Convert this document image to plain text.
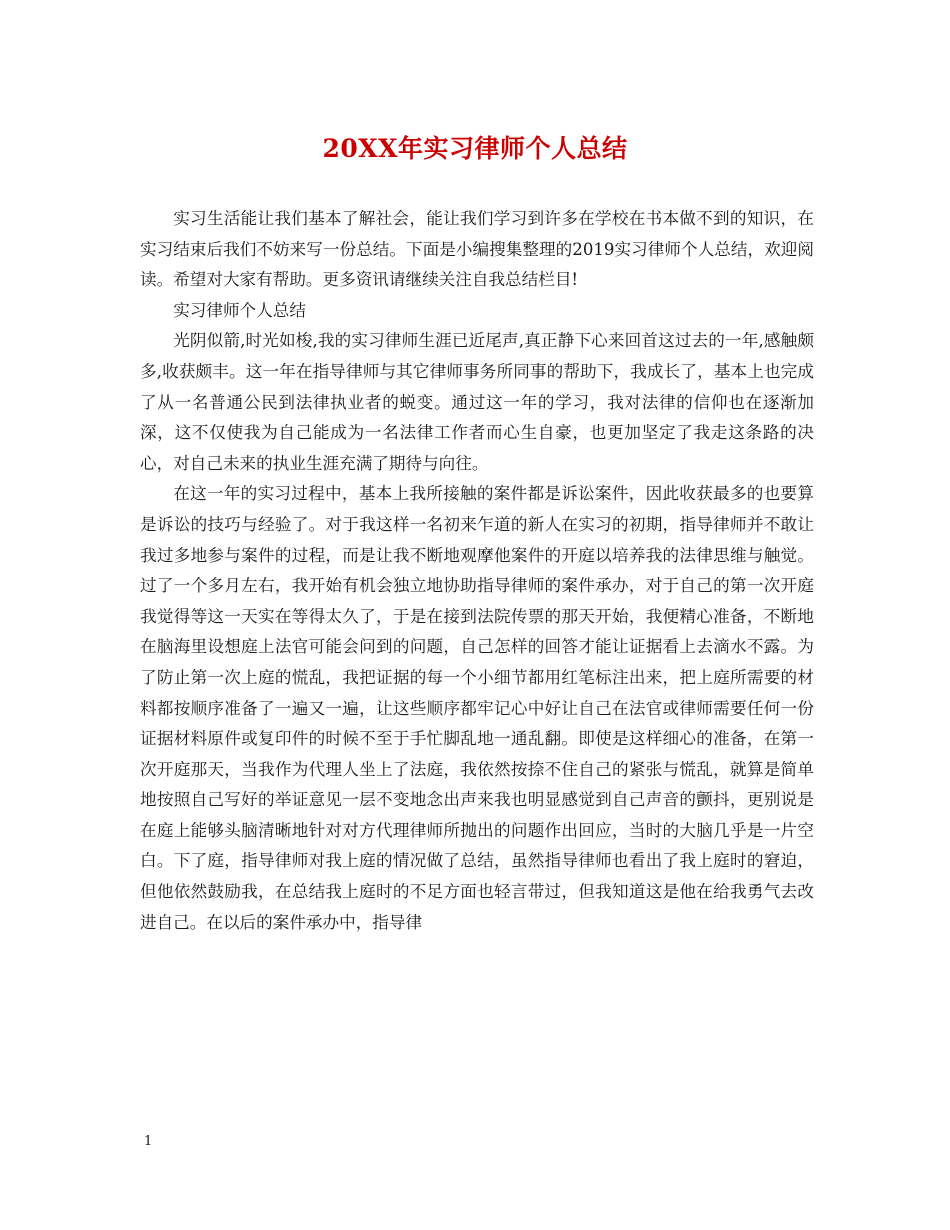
20XX年实习律师个人总结

实习生活能让我们基本了解社会，能让我们学习到许多在学校在书本做不到的知识，在实习结束后我们不妨来写一份总结。下面是小编搜集整理的2019实习律师个人总结，欢迎阅读。希望对大家有帮助。更多资讯请继续关注自我总结栏目!

实习律师个人总结

光阴似箭,时光如梭,我的实习律师生涯已近尾声,真正静下心来回首这过去的一年,感触颇多,收获颇丰。这一年在指导律师与其它律师事务所同事的帮助下，我成长了，基本上也完成了从一名普通公民到法律执业者的蜕变。通过这一年的学习，我对法律的信仰也在逐渐加深，这不仅使我为自己能成为一名法律工作者而心生自豪，也更加坚定了我走这条路的决心，对自己未来的执业生涯充满了期待与向往。

在这一年的实习过程中，基本上我所接触的案件都是诉讼案件，因此收获最多的也要算是诉讼的技巧与经验了。对于我这样一名初来乍道的新人在实习的初期，指导律师并不敢让我过多地参与案件的过程，而是让我不断地观摩他案件的开庭以培养我的法律思维与触觉。过了一个多月左右，我开始有机会独立地协助指导律师的案件承办，对于自己的第一次开庭我觉得等这一天实在等得太久了，于是在接到法院传票的那天开始，我便精心准备，不断地在脑海里设想庭上法官可能会问到的问题，自己怎样的回答才能让证据看上去滴水不露。为了防止第一次上庭的慌乱，我把证据的每一个小细节都用红笔标注出来，把上庭所需要的材料都按顺序准备了一遍又一遍，让这些顺序都牢记心中好让自己在法官或律师需要任何一份证据材料原件或复印件的时候不至于手忙脚乱地一通乱翻。即使是这样细心的准备，在第一次开庭那天，当我作为代理人坐上了法庭，我依然按捺不住自己的紧张与慌乱，就算是简单地按照自己写好的举证意见一层不变地念出声来我也明显感觉到自己声音的颤抖，更别说是在庭上能够头脑清晰地针对对方代理律师所抛出的问题作出回应，当时的大脑几乎是一片空白。下了庭，指导律师对我上庭的情况做了总结，虽然指导律师也看出了我上庭时的窘迫，但他依然鼓励我，在总结我上庭时的不足方面也轻言带过，但我知道这是他在给我勇气去改进自己。在以后的案件承办中，指导律

1
